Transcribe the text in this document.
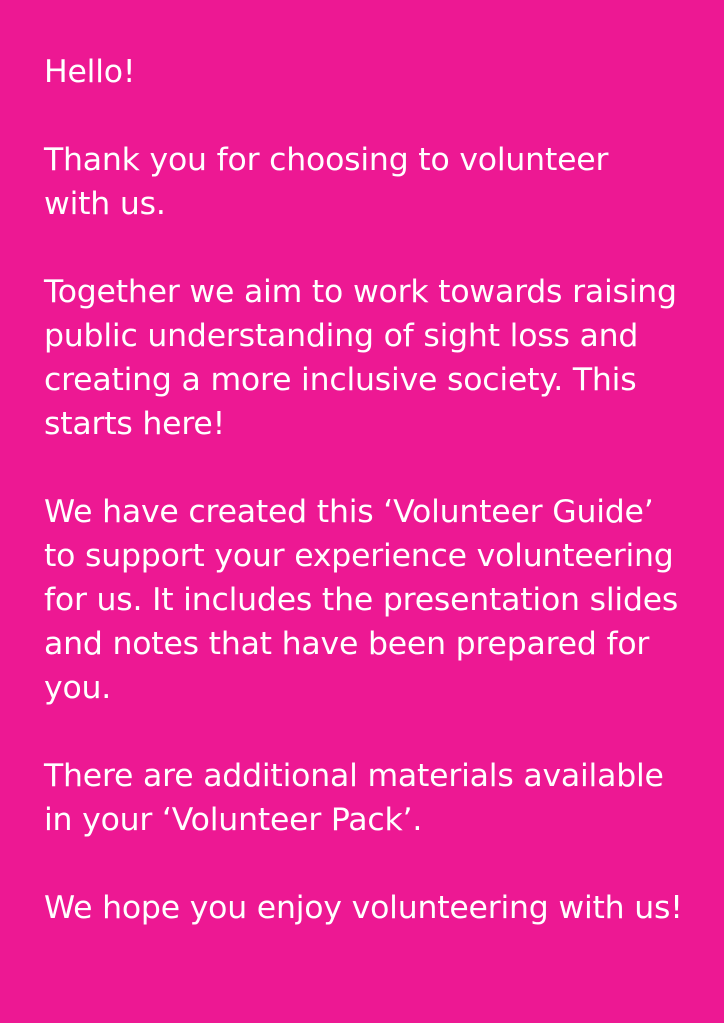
Hello!

Thank you for choosing to volunteer with us.

Together we aim to work towards raising public understanding of sight loss and creating a more inclusive society. This starts here!

We have created this ‘Volunteer Guide’ to support your experience volunteering for us. It includes the presentation slides and notes that have been prepared for you.

There are additional materials available in your ‘Volunteer Pack’.

We hope you enjoy volunteering with us!
